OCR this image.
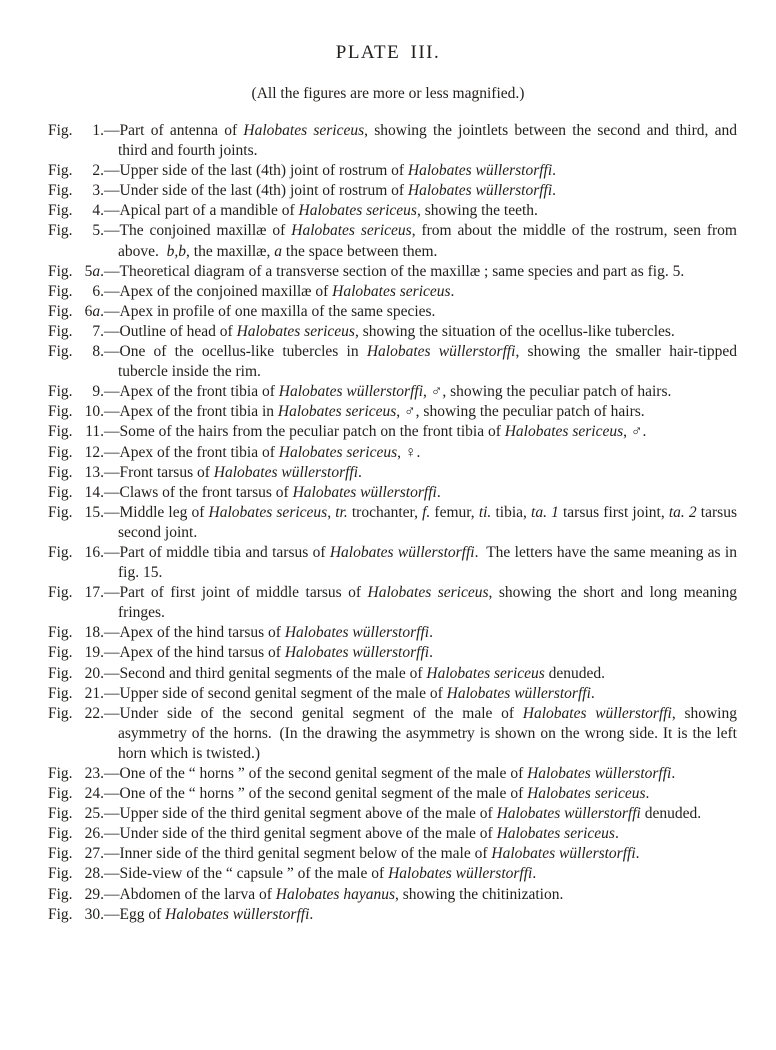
PLATE III.

(All the figures are more or less magnified.)

Fig. 1. —Part of antenna of Halobates sericeus, showing the jointlets between the second and third, and third and fourth joints.
Fig. 2. —Upper side of the last (4th) joint of rostrum of Halobates wüllerstorffi.
Fig. 3. —Under side of the last (4th) joint of rostrum of Halobates wüllerstorffi.
Fig. 4. —Apical part of a mandible of Halobates sericeus, showing the teeth.
Fig. 5. —The conjoined maxillæ of Halobates sericeus, from about the middle of the rostrum, seen from above. b,b, the maxillæ, a the space between them.
Fig. 5a. —Theoretical diagram of a transverse section of the maxillæ ; same species and part as fig. 5.
Fig. 6. —Apex of the conjoined maxillæ of Halobates sericeus.
Fig. 6a. —Apex in profile of one maxilla of the same species.
Fig. 7. —Outline of head of Halobates sericeus, showing the situation of the ocellus-like tubercles.
Fig. 8. —One of the ocellus-like tubercles in Halobates wüllerstorffi, showing the smaller hair-tipped tubercle inside the rim.
Fig. 9. —Apex of the front tibia of Halobates wüllerstorffi, ♂, showing the peculiar patch of hairs.
Fig. 10. —Apex of the front tibia in Halobates sericeus, ♂, showing the peculiar patch of hairs.
Fig. 11. —Some of the hairs from the peculiar patch on the front tibia of Halobates sericeus, ♂.
Fig. 12. —Apex of the front tibia of Halobates sericeus, ♀.
Fig. 13. —Front tarsus of Halobates wüllerstorffi.
Fig. 14. —Claws of the front tarsus of Halobates wüllerstorffi.
Fig. 15. —Middle leg of Halobates sericeus, tr. trochanter, f. femur, ti. tibia, ta. 1 tarsus first joint, ta. 2 tarsus second joint.
Fig. 16. —Part of middle tibia and tarsus of Halobates wüllerstorffi. The letters have the same meaning as in fig. 15.
Fig. 17. —Part of first joint of middle tarsus of Halobates sericeus, showing the short and long meaning fringes.
Fig. 18. —Apex of the hind tarsus of Halobates wüllerstorffi.
Fig. 19. —Apex of the hind tarsus of Halobates wüllerstorffi.
Fig. 20. —Second and third genital segments of the male of Halobates sericeus denuded.
Fig. 21. —Upper side of second genital segment of the male of Halobates wüllerstorffi.
Fig. 22. —Under side of the second genital segment of the male of Halobates wüllerstorffi, showing asymmetry of the horns. (In the drawing the asymmetry is shown on the wrong side. It is the left horn which is twisted.)
Fig. 23. —One of the “ horns ” of the second genital segment of the male of Halobates wüllerstorffi.
Fig. 24. —One of the “ horns ” of the second genital segment of the male of Halobates sericeus.
Fig. 25. —Upper side of the third genital segment above of the male of Halobates wüllerstorffi denuded.
Fig. 26. —Under side of the third genital segment above of the male of Halobates sericeus.
Fig. 27. —Inner side of the third genital segment below of the male of Halobates wüllerstorffi.
Fig. 28. —Side-view of the “ capsule ” of the male of Halobates wüllerstorffi.
Fig. 29. —Abdomen of the larva of Halobates hayanus, showing the chitinization.
Fig. 30. —Egg of Halobates wüllerstorffi.
